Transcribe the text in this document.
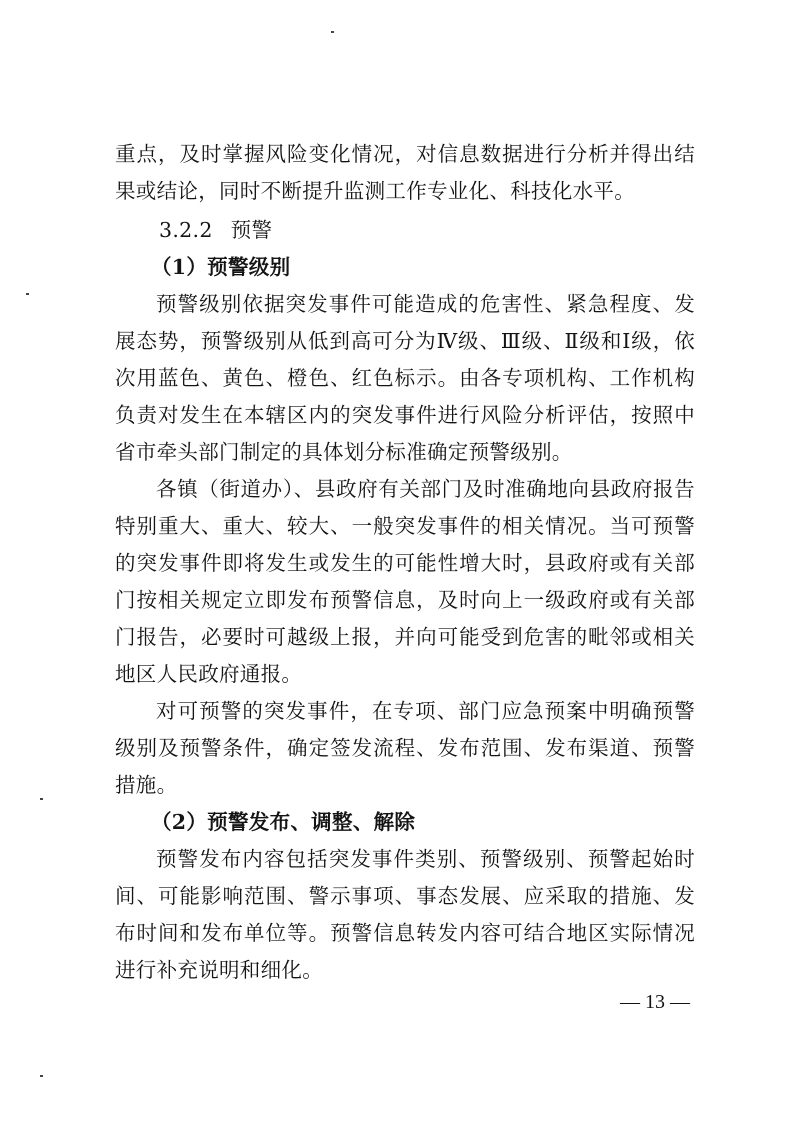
重点，及时掌握风险变化情况，对信息数据进行分析并得出结果或结论，同时不断提升监测工作专业化、科技化水平。

3.2.2 预警

（1）预警级别

预警级别依据突发事件可能造成的危害性、紧急程度、发展态势，预警级别从低到高可分为Ⅳ级、Ⅲ级、Ⅱ级和Ⅰ级，依次用蓝色、黄色、橙色、红色标示。由各专项机构、工作机构负责对发生在本辖区内的突发事件进行风险分析评估，按照中省市牵头部门制定的具体划分标准确定预警级别。

各镇（街道办）、县政府有关部门及时准确地向县政府报告特别重大、重大、较大、一般突发事件的相关情况。当可预警的突发事件即将发生或发生的可能性增大时，县政府或有关部门按相关规定立即发布预警信息，及时向上一级政府或有关部门报告，必要时可越级上报，并向可能受到危害的毗邻或相关地区人民政府通报。

对可预警的突发事件，在专项、部门应急预案中明确预警级别及预警条件，确定签发流程、发布范围、发布渠道、预警措施。

（2）预警发布、调整、解除

预警发布内容包括突发事件类别、预警级别、预警起始时间、可能影响范围、警示事项、事态发展、应采取的措施、发布时间和发布单位等。预警信息转发内容可结合地区实际情况进行补充说明和细化。

— 13 —
